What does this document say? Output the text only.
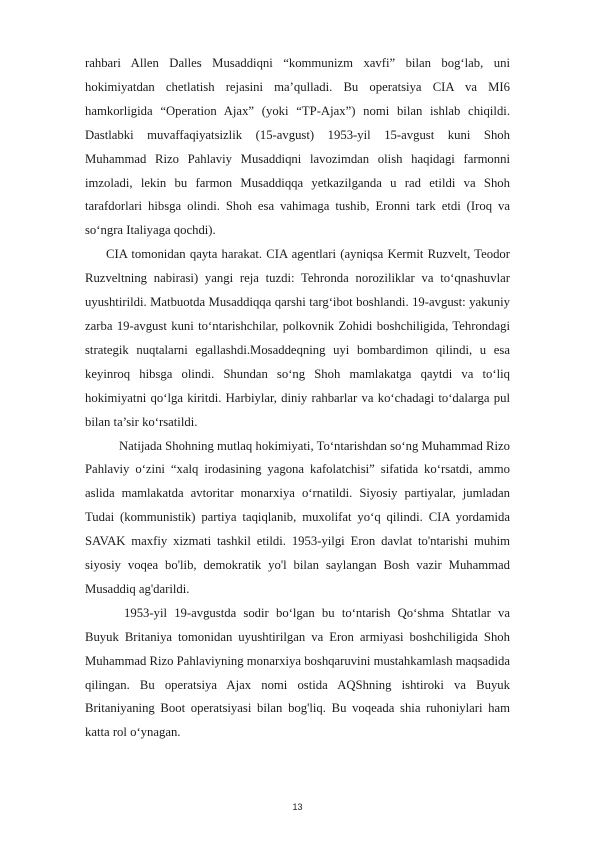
rahbari Allen Dalles Musaddiqni “kommunizm xavfi” bilan bog‘lab, uni hokimiyatdan chetlatish rejasini ma’qulladi. Bu operatsiya CIA va MI6 hamkorligida “Operation Ajax” (yoki “TP-Ajax”) nomi bilan ishlab chiqildi. Dastlabki muvaffaqiyatsizlik (15-avgust) 1953-yil 15-avgust kuni Shoh Muhammad Rizo Pahlaviy Musaddiqni lavozimdan olish haqidagi farmonni imzoladi, lekin bu farmon Musaddiqqa yetkazilganda u rad etildi va Shoh tarafdorlari hibsga olindi. Shoh esa vahimaga tushib, Eronni tark etdi (Iroq va so‘ngra Italiyaga qochdi).

CIA tomonidan qayta harakat. CIA agentlari (ayniqsa Kermit Ruzvelt, Teodor Ruzveltning nabirasi) yangi reja tuzdi: Tehronda noroziliklar va to‘qnashuvlar uyushtirildi. Matbuotda Musaddiqqa qarshi targ‘ibot boshlandi. 19-avgust: yakuniy zarba 19-avgust kuni to‘ntarishchilar, polkovnik Zohidi boshchiligida, Tehrondagi strategik nuqtalarni egallashdi.Mosaddeqning uyi bombardimon qilindi, u esa keyinroq hibsga olindi. Shundan so‘ng Shoh mamlakatga qaytdi va to‘liq hokimiyatni qo‘lga kiritdi. Harbiylar, diniy rahbarlar va ko‘chadagi to‘dalarga pul bilan ta’sir ko‘rsatildi.

Natijada Shohning mutlaq hokimiyati, To‘ntarishdan so‘ng Muhammad Rizo Pahlaviy o‘zini “xalq irodasining yagona kafolatchisi” sifatida ko‘rsatdi, ammo aslida mamlakatda avtoritar monarxiya o‘rnatildi. Siyosiy partiyalar, jumladan Tudai (kommunistik) partiya taqiqlanib, muxolifat yo‘q qilindi. CIA yordamida SAVAK maxfiy xizmati tashkil etildi. 1953-yilgi Eron davlat to'ntarishi muhim siyosiy voqea bo'lib, demokratik yo'l bilan saylangan Bosh vazir Muhammad Musaddiq ag'darildi.

1953-yil 19-avgustda sodir bo‘lgan bu to‘ntarish Qo‘shma Shtatlar va Buyuk Britaniya tomonidan uyushtirilgan va Eron armiyasi boshchiligida Shoh Muhammad Rizo Pahlaviyning monarxiya boshqaruvini mustahkamlash maqsadida qilingan. Bu operatsiya Ajax nomi ostida AQShning ishtiroki va Buyuk Britaniyaning Boot operatsiyasi bilan bog'liq. Bu voqeada shia ruhoniylari ham katta rol o‘ynagan.

13
